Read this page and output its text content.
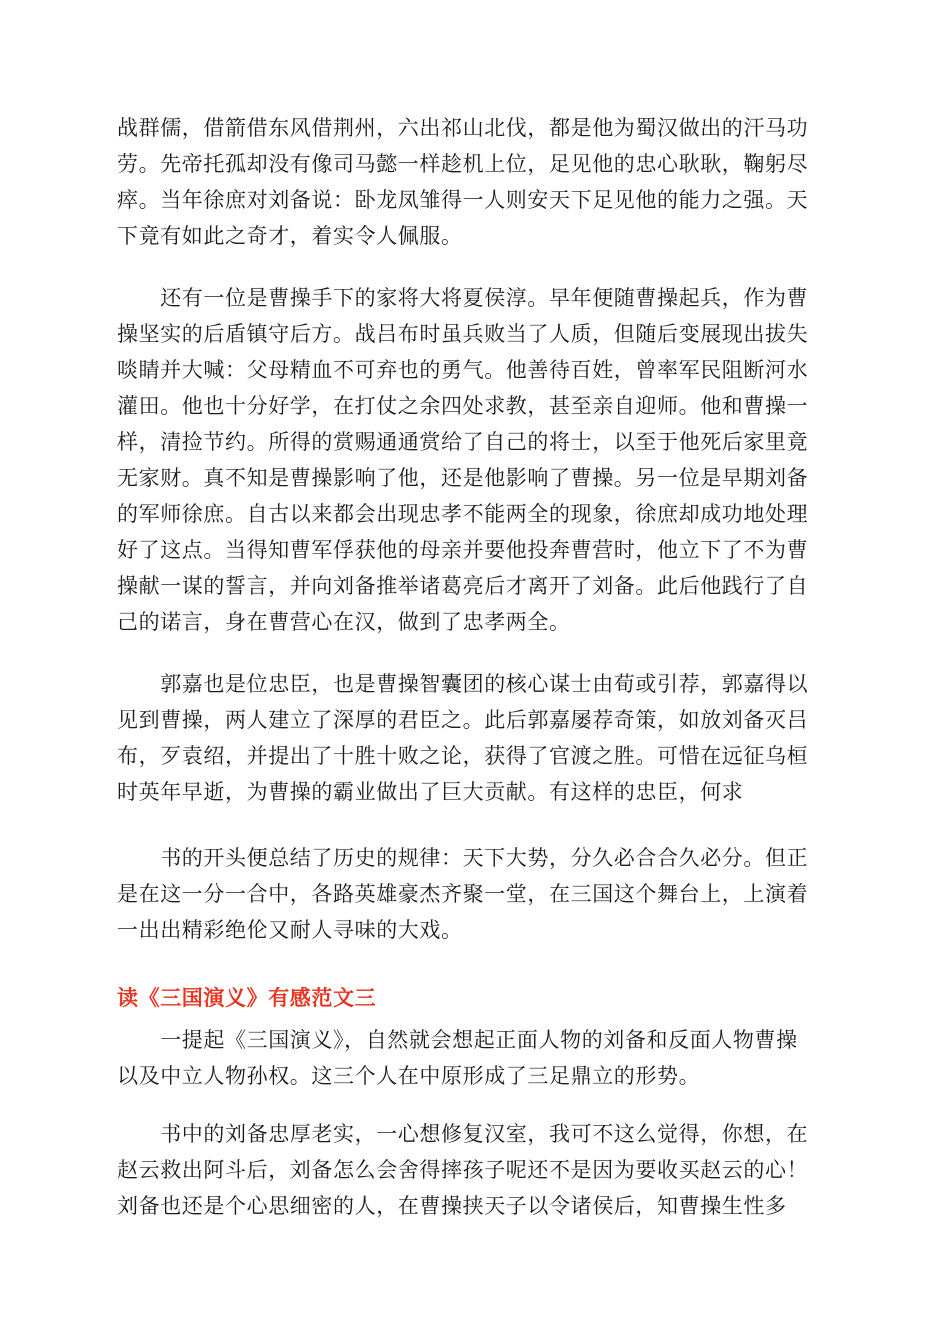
战群儒，借箭借东风借荆州，六出祁山北伐，都是他为蜀汉做出的汗马功
劳。先帝托孤却没有像司马懿一样趁机上位，足见他的忠心耿耿，鞠躬尽
瘁。当年徐庶对刘备说：卧龙凤雏得一人则安天下足见他的能力之强。天
下竟有如此之奇才，着实令人佩服。
　　还有一位是曹操手下的家将大将夏侯淳。早年便随曹操起兵，作为曹
操坚实的后盾镇守后方。战吕布时虽兵败当了人质，但随后变展现出拔失
啖睛并大喊：父母精血不可弃也的勇气。他善待百姓，曾率军民阻断河水
灌田。他也十分好学，在打仗之余四处求教，甚至亲自迎师。他和曹操一
样，清捡节约。所得的赏赐通通赏给了自己的将士，以至于他死后家里竟
无家财。真不知是曹操影响了他，还是他影响了曹操。另一位是早期刘备
的军师徐庶。自古以来都会出现忠孝不能两全的现象，徐庶却成功地处理
好了这点。当得知曹军俘获他的母亲并要他投奔曹营时，他立下了不为曹
操献一谋的誓言，并向刘备推举诸葛亮后才离开了刘备。此后他践行了自
己的诺言，身在曹营心在汉，做到了忠孝两全。
　　郭嘉也是位忠臣，也是曹操智囊团的核心谋士由荀或引荐，郭嘉得以
见到曹操，两人建立了深厚的君臣之。此后郭嘉屡荐奇策，如放刘备灭吕
布，歹袁绍，并提出了十胜十败之论，获得了官渡之胜。可惜在远征乌桓
时英年早逝，为曹操的霸业做出了巨大贡献。有这样的忠臣，何求
　　书的开头便总结了历史的规律：天下大势，分久必合合久必分。但正
是在这一分一合中，各路英雄豪杰齐聚一堂，在三国这个舞台上，上演着
一出出精彩绝伦又耐人寻味的大戏。
读《三国演义》有感范文三
　　一提起《三国演义》，自然就会想起正面人物的刘备和反面人物曹操
以及中立人物孙权。这三个人在中原形成了三足鼎立的形势。
　　书中的刘备忠厚老实，一心想修复汉室，我可不这么觉得，你想，在
赵云救出阿斗后，刘备怎么会舍得摔孩子呢还不是因为要收买赵云的心！
刘备也还是个心思细密的人，在曹操挟天子以令诸侯后，知曹操生性多
